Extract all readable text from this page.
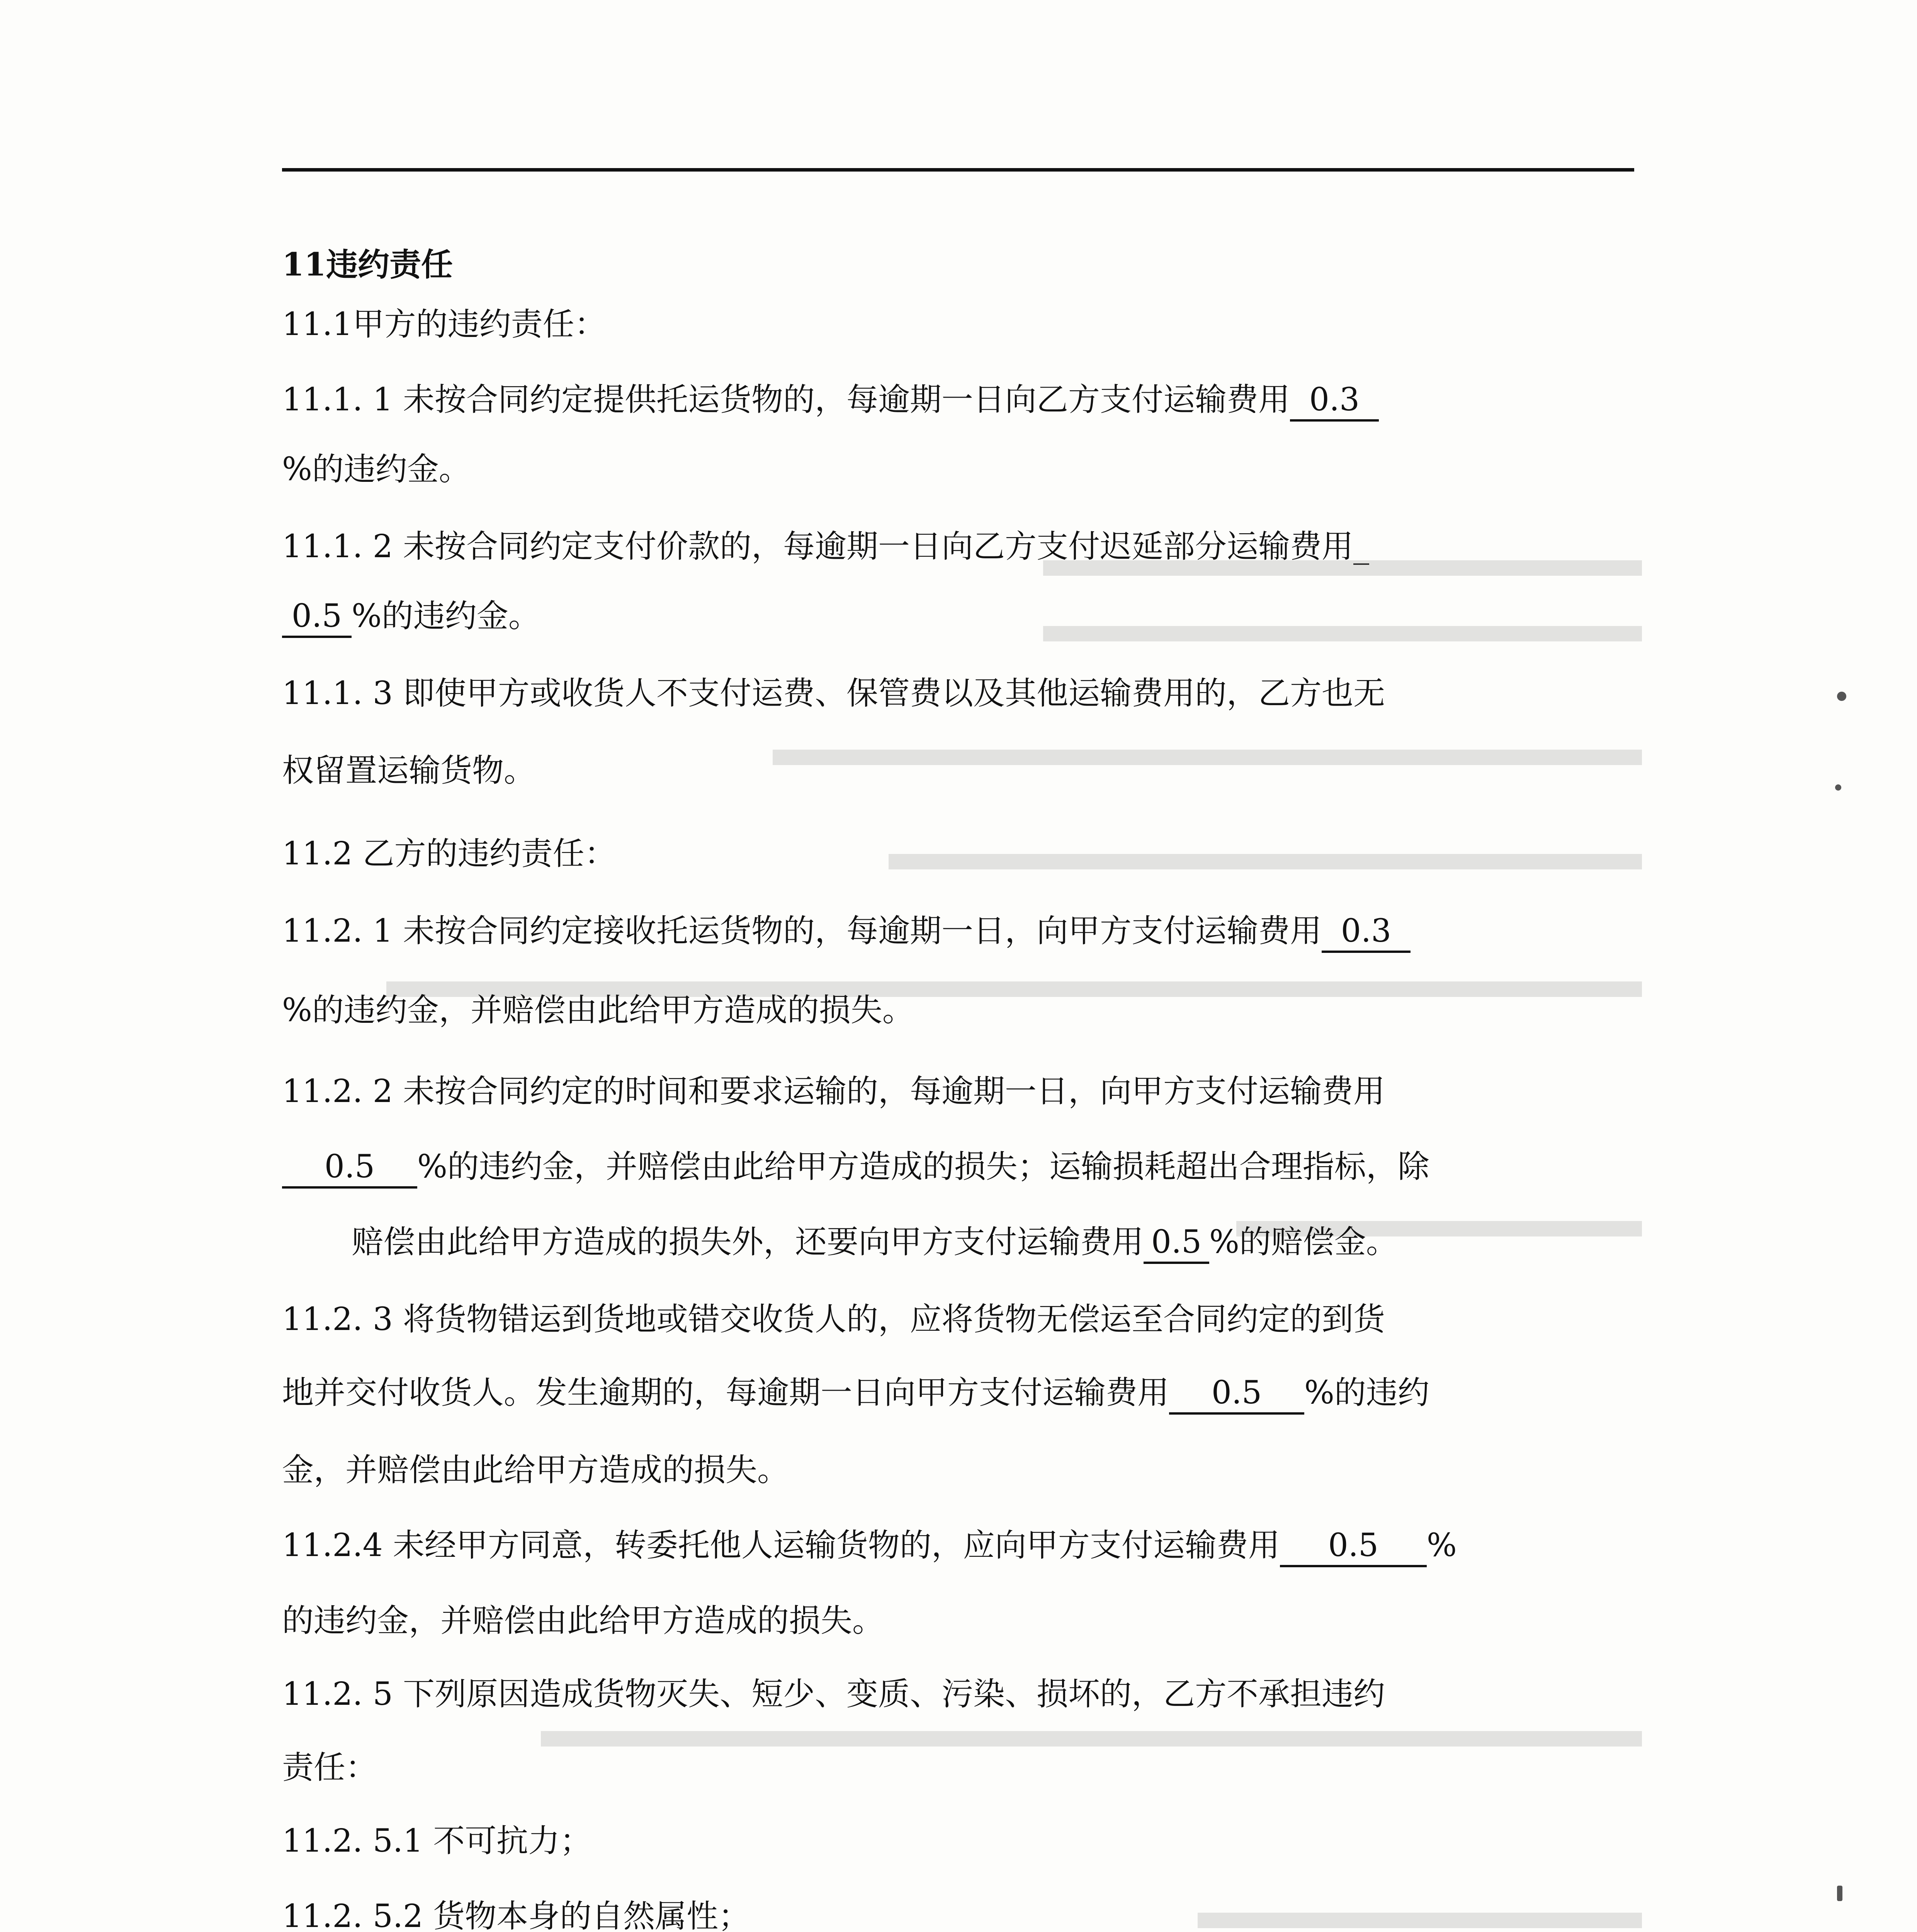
11违约责任
11.1甲方的违约责任：
11.1. 1 未按合同约定提供托运货物的，每逾期一日向乙方支付运输费用 0.3
%的违约金。
11.1. 2 未按合同约定支付价款的，每逾期一日向乙方支付迟延部分运输费用_
0.5 %的违约金。
11.1. 3 即使甲方或收货人不支付运费、保管费以及其他运输费用的，乙方也无
权留置运输货物。
11.2 乙方的违约责任：
11.2. 1 未按合同约定接收托运货物的，每逾期一日，向甲方支付运输费用 0.3
%的违约金，并赔偿由此给甲方造成的损失。
11.2. 2 未按合同约定的时间和要求运输的，每逾期一日，向甲方支付运输费用
0.5 %的违约金，并赔偿由此给甲方造成的损失；运输损耗超出合理指标，除
赔偿由此给甲方造成的损失外，还要向甲方支付运输费用 0.5 %的赔偿金。
11.2. 3 将货物错运到货地或错交收货人的，应将货物无偿运至合同约定的到货
地并交付收货人。发生逾期的，每逾期一日向甲方支付运输费用 0.5 %的违约
金，并赔偿由此给甲方造成的损失。
11.2.4 未经甲方同意，转委托他人运输货物的，应向甲方支付运输费用 0.5 %
的违约金，并赔偿由此给甲方造成的损失。
11.2. 5 下列原因造成货物灭失、短少、变质、污染、损坏的，乙方不承担违约
责任：
11.2. 5.1 不可抗力；
11.2. 5.2 货物本身的自然属性；
